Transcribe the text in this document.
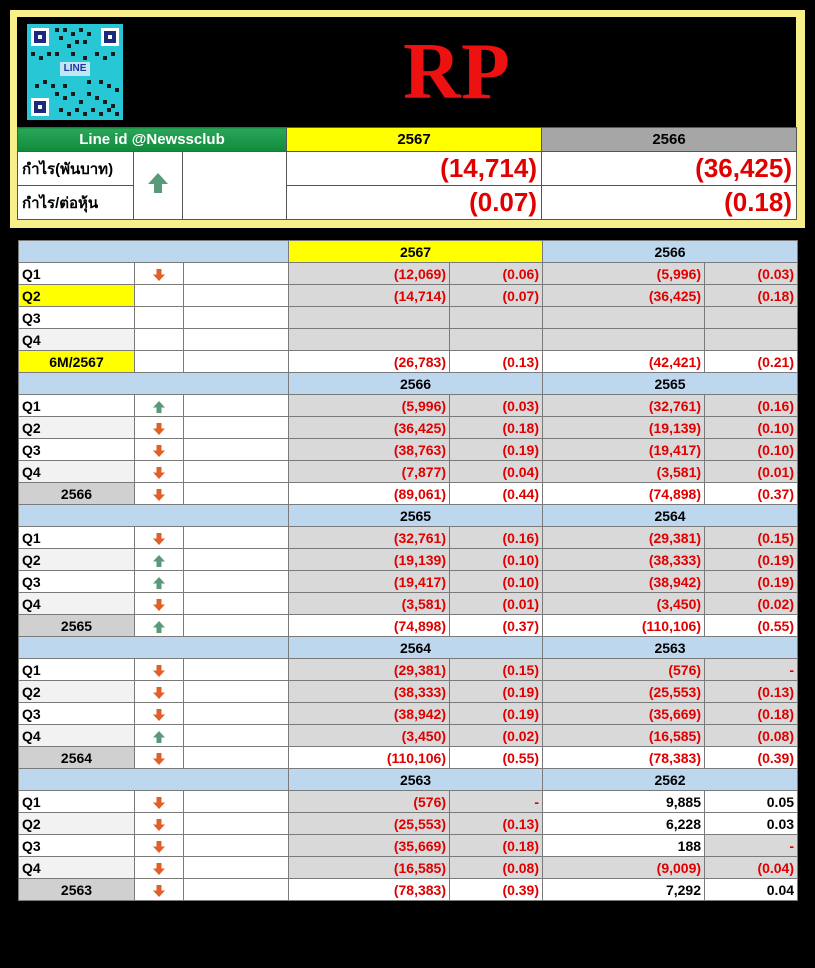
LINE	RP
Line id @Newssclub			2567	2566
กำไร(พันบาท)			(14,714)	(36,425)
กำไร/ต่อหุ้น			(0.07)	(0.18)
			2567		2566	
Q1			(12,069)	(0.06)	(5,996)	(0.03)
Q2			(14,714)	(0.07)	(36,425)	(0.18)
Q3						
Q4						
6M/2567			(26,783)	(0.13)	(42,421)	(0.21)
			2566		2565	
Q1			(5,996)	(0.03)	(32,761)	(0.16)
Q2			(36,425)	(0.18)	(19,139)	(0.10)
Q3			(38,763)	(0.19)	(19,417)	(0.10)
Q4			(7,877)	(0.04)	(3,581)	(0.01)
2566			(89,061)	(0.44)	(74,898)	(0.37)
			2565		2564	
Q1			(32,761)	(0.16)	(29,381)	(0.15)
Q2			(19,139)	(0.10)	(38,333)	(0.19)
Q3			(19,417)	(0.10)	(38,942)	(0.19)
Q4			(3,581)	(0.01)	(3,450)	(0.02)
2565			(74,898)	(0.37)	(110,106)	(0.55)
			2564		2563	
Q1			(29,381)	(0.15)	(576)	-
Q2			(38,333)	(0.19)	(25,553)	(0.13)
Q3			(38,942)	(0.19)	(35,669)	(0.18)
Q4			(3,450)	(0.02)	(16,585)	(0.08)
2564			(110,106)	(0.55)	(78,383)	(0.39)
			2563		2562	
Q1			(576)	-	9,885	0.05
Q2			(25,553)	(0.13)	6,228	0.03
Q3			(35,669)	(0.18)	188	-
Q4			(16,585)	(0.08)	(9,009)	(0.04)
2563			(78,383)	(0.39)	7,292	0.04
